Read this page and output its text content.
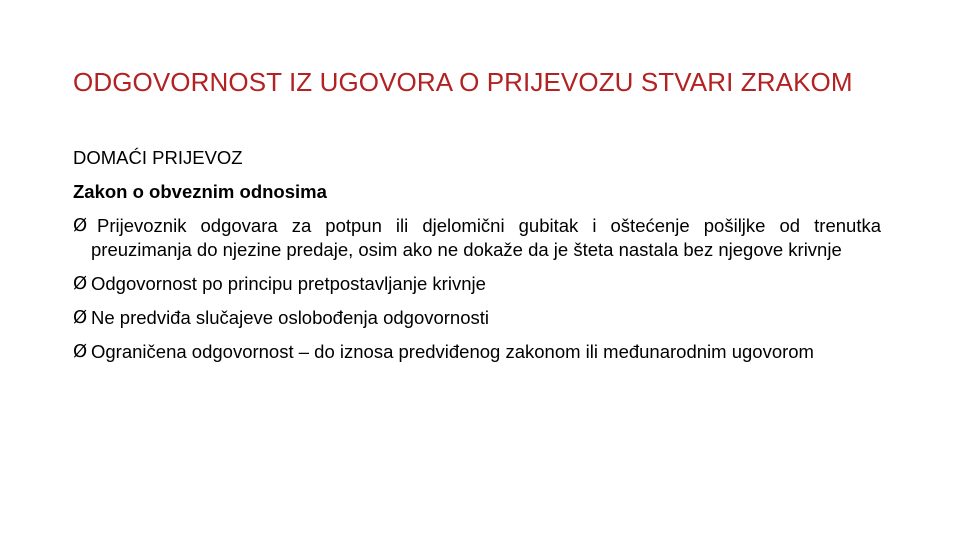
ODGOVORNOST IZ UGOVORA O PRIJEVOZU STVARI ZRAKOM
DOMAĆI PRIJEVOZ
Zakon o obveznim odnosima
Ø Prijevoznik odgovara za potpun ili djelomični gubitak i oštećenje pošiljke od trenutka preuzimanja do njezine predaje, osim ako ne dokaže da je šteta nastala bez njegove krivnje
Ø Odgovornost po principu pretpostavljanje krivnje
Ø Ne predviđa slučajeve oslobođenja odgovornosti
Ø Ograničena odgovornost – do iznosa predviđenog zakonom ili međunarodnim ugovorom
